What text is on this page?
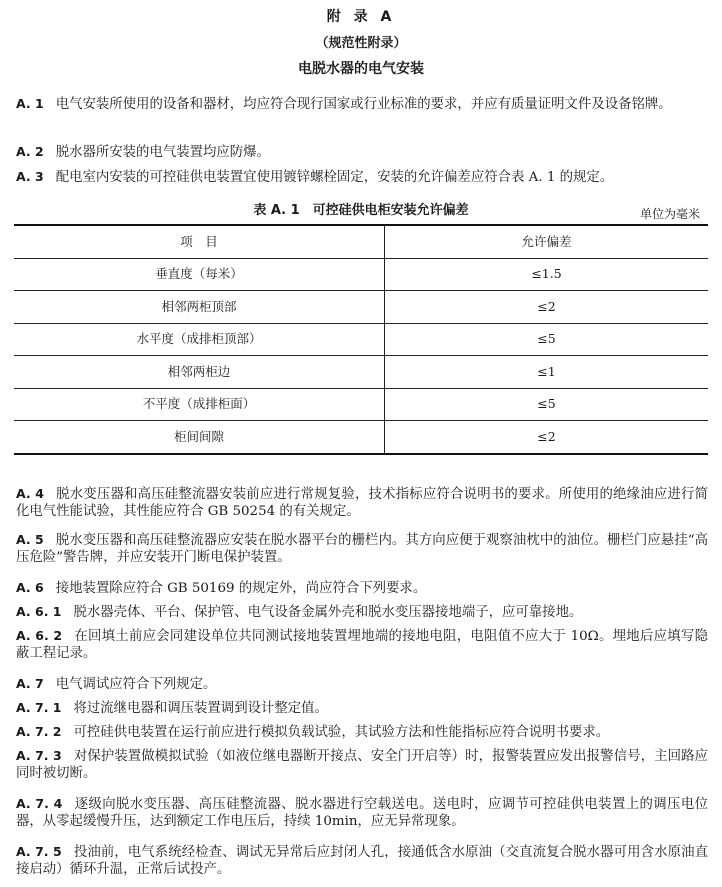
附 录 A
（规范性附录）
电脱水器的电气安装
A. 1 电气安装所使用的设备和器材，均应符合现行国家或行业标准的要求，并应有质量证明文件及设备铭牌。
A. 2 脱水器所安装的电气装置均应防爆。
A. 3 配电室内安装的可控硅供电装置宜使用镀锌螺栓固定，安装的允许偏差应符合表 A. 1 的规定。
表 A. 1　可控硅供电柜安装允许偏差	单位为毫米
项　目	允许偏差
垂直度（每米）	≤1.5
相邻两柜顶部	≤2
水平度（成排柜顶部）	≤5
相邻两柜边	≤1
不平度（成排柜面）	≤5
柜间间隙	≤2
A. 4 脱水变压器和高压硅整流器安装前应进行常规复验，技术指标应符合说明书的要求。所使用的绝缘油应进行简化电气性能试验，其性能应符合 GB 50254 的有关规定。
A. 5 脱水变压器和高压硅整流器应安装在脱水器平台的栅栏内。其方向应便于观察油枕中的油位。栅栏门应悬挂“高压危险”警告牌，并应安装开门断电保护装置。
A. 6 接地装置除应符合 GB 50169 的规定外，尚应符合下列要求。
A. 6. 1 脱水器壳体、平台、保护管、电气设备金属外壳和脱水变压器接地端子，应可靠接地。
A. 6. 2 在回填土前应会同建设单位共同测试接地装置埋地端的接地电阻，电阻值不应大于 10Ω。埋地后应填写隐蔽工程记录。
A. 7 电气调试应符合下列规定。
A. 7. 1 将过流继电器和调压装置调到设计整定值。
A. 7. 2 可控硅供电装置在运行前应进行模拟负载试验，其试验方法和性能指标应符合说明书要求。
A. 7. 3 对保护装置做模拟试验（如液位继电器断开接点、安全门开启等）时，报警装置应发出报警信号，主回路应同时被切断。
A. 7. 4 逐级向脱水变压器、高压硅整流器、脱水器进行空载送电。送电时，应调节可控硅供电装置上的调压电位器，从零起缓慢升压，达到额定工作电压后，持续 10min，应无异常现象。
A. 7. 5 投油前，电气系统经检查、调试无异常后应封闭人孔，接通低含水原油（交直流复合脱水器可用含水原油直接启动）循环升温，正常后试投产。
